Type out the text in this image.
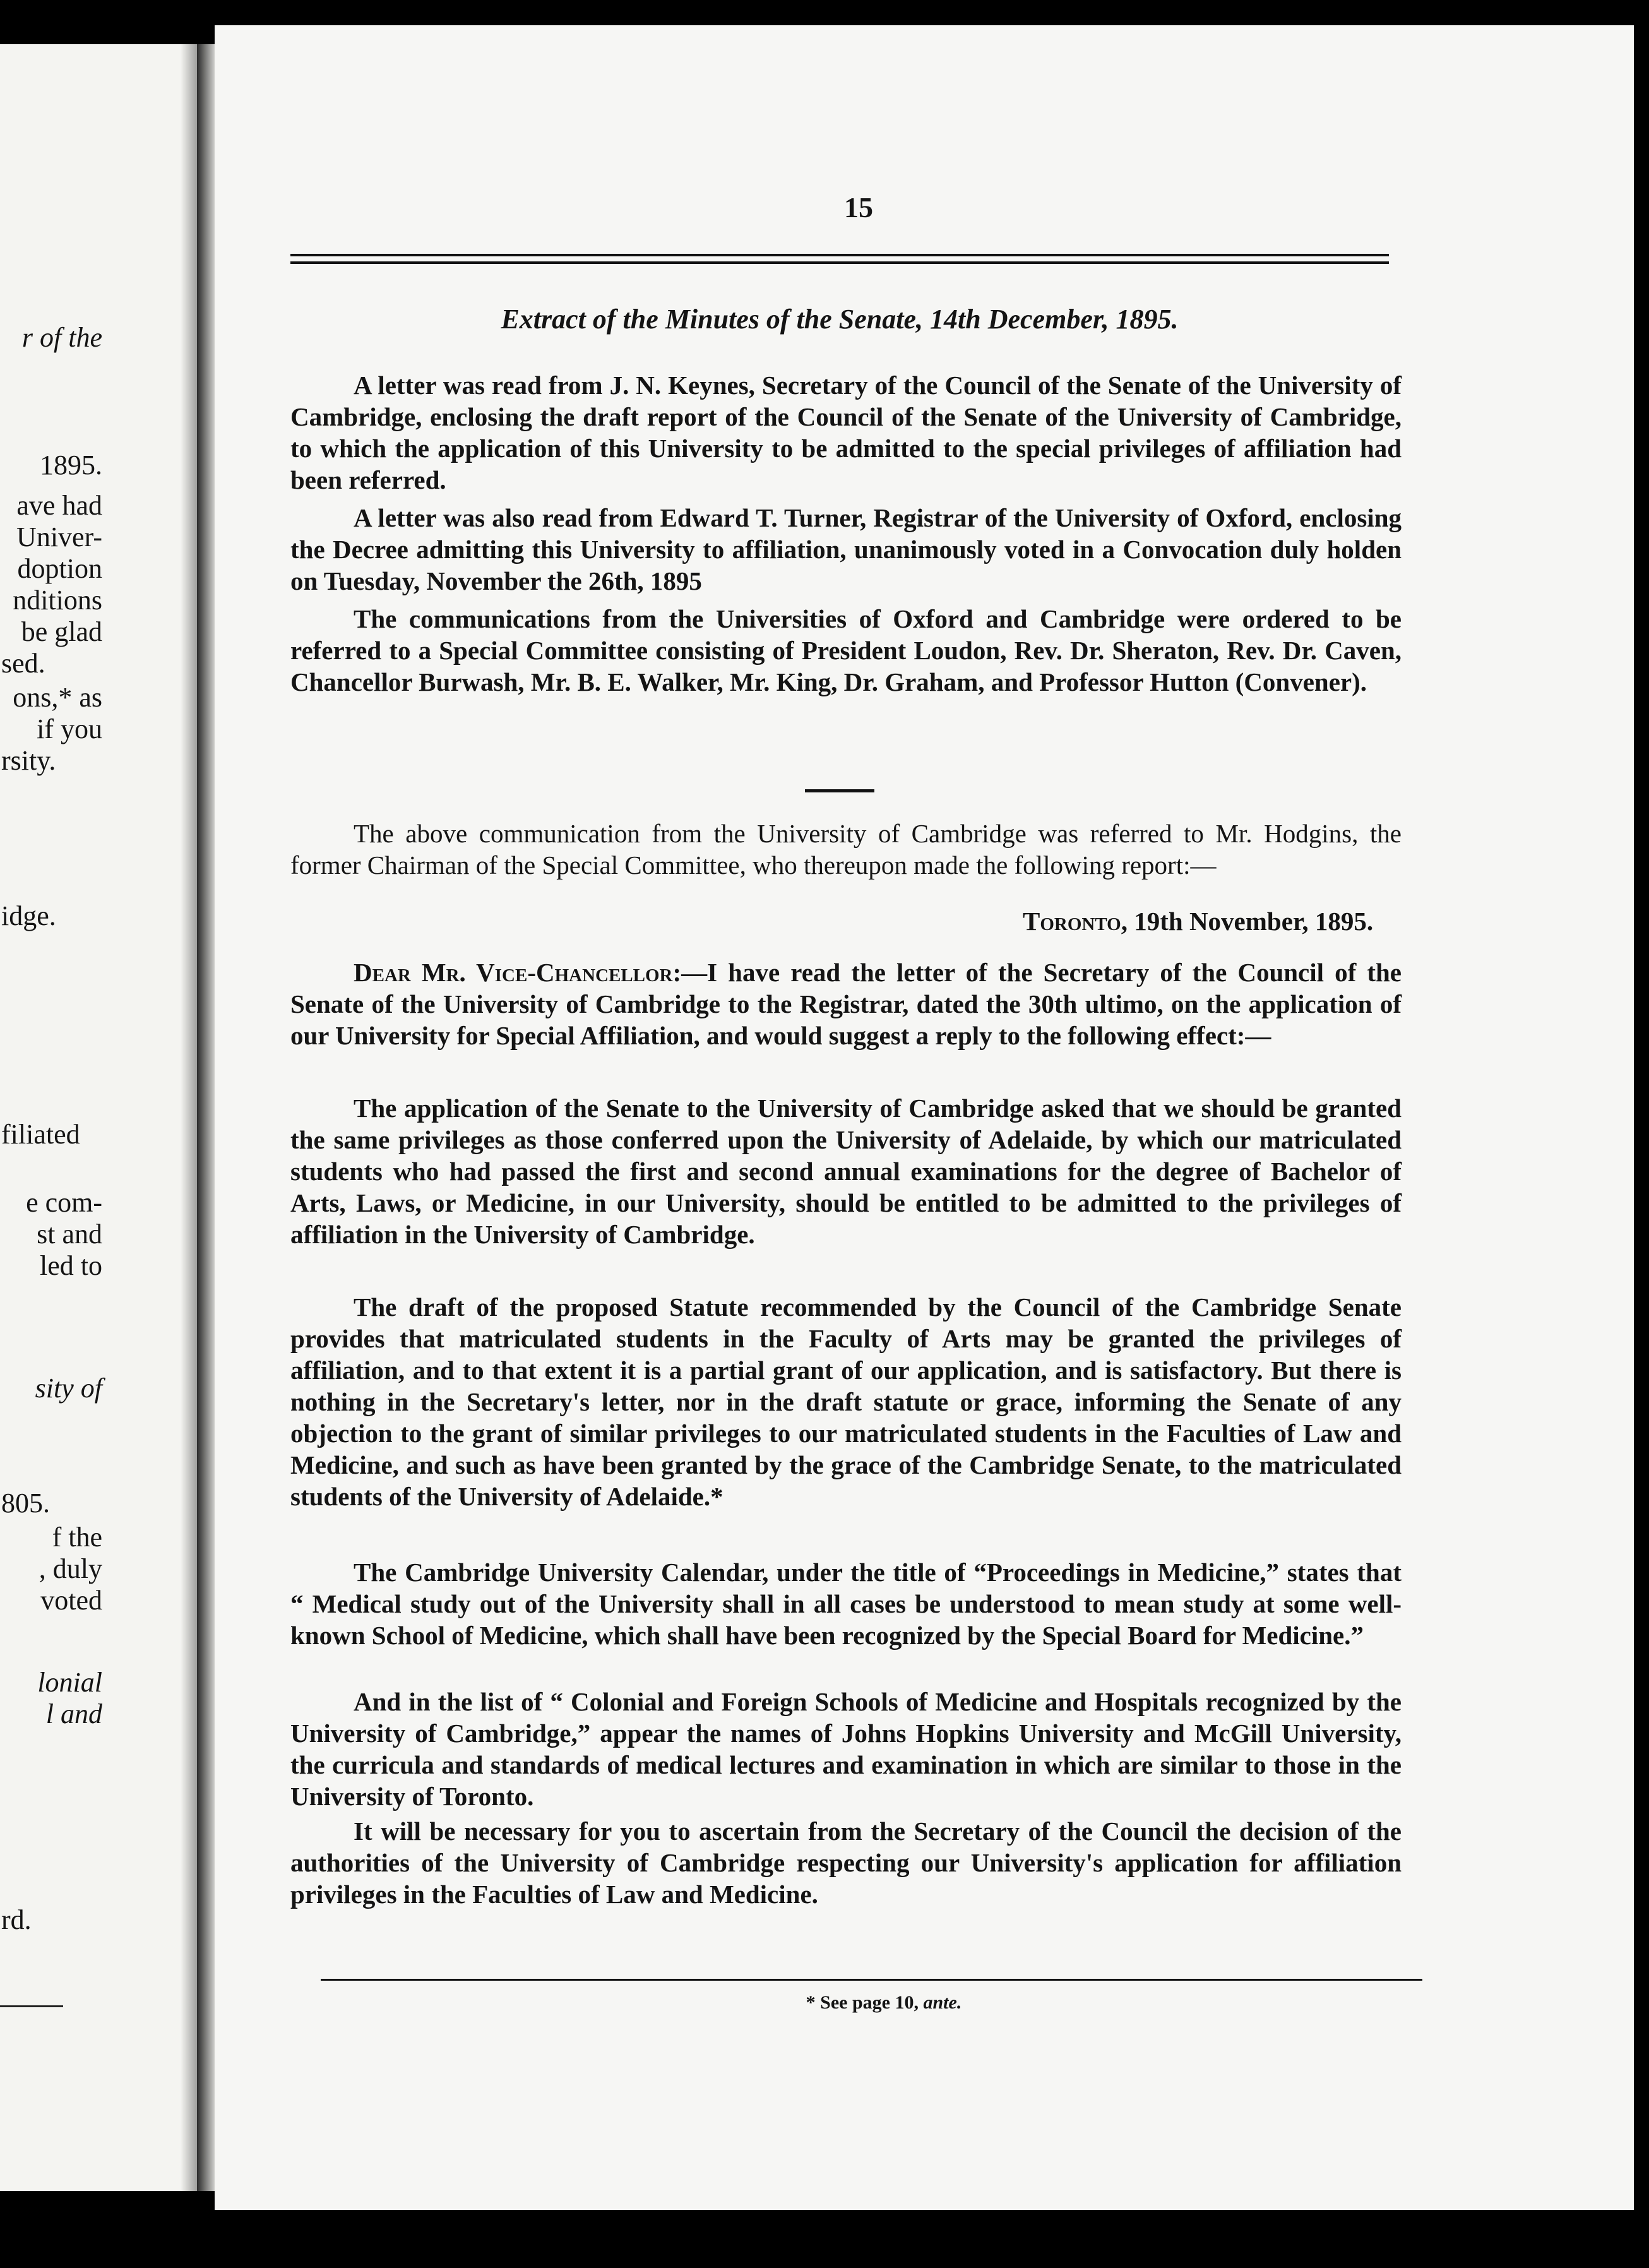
r of the
1895.
ave had
Univer-
doption
nditions
be glad
sed.
ons,* as
if you
rsity.
idge.
filiated
e com-
st and
led to
sity of
805.
f the
, duly
voted
lonial
l and
rd.
15
Extract of the Minutes of the Senate, 14th December, 1895.
A letter was read from J. N. Keynes, Secretary of the Council of the Senate of the University of Cambridge, enclosing the draft report of the Council of the Senate of the University of Cambridge, to which the application of this University to be admitted to the special privileges of affiliation had been referred.
A letter was also read from Edward T. Turner, Registrar of the University of Oxford, enclosing the Decree admitting this University to affiliation, unanimously voted in a Convocation duly holden on Tuesday, November the 26th, 1895
The communications from the Universities of Oxford and Cambridge were ordered to be referred to a Special Committee consisting of President Loudon, Rev. Dr. Sheraton, Rev. Dr. Caven, Chancellor Burwash, Mr. B. E. Walker, Mr. King, Dr. Graham, and Professor Hutton (Convener).
The above communication from the University of Cambridge was referred to Mr. Hodgins, the former Chairman of the Special Committee, who thereupon made the following report:—
Toronto, 19th November, 1895.
Dear Mr. Vice-Chancellor:—I have read the letter of the Secretary of the Council of the Senate of the University of Cambridge to the Registrar, dated the 30th ultimo, on the application of our University for Special Affiliation, and would suggest a reply to the following effect:—
The application of the Senate to the University of Cambridge asked that we should be granted the same privileges as those conferred upon the University of Adelaide, by which our matriculated students who had passed the first and second annual examinations for the degree of Bachelor of Arts, Laws, or Medicine, in our University, should be entitled to be admitted to the privileges of affiliation in the University of Cambridge.
The draft of the proposed Statute recommended by the Council of the Cambridge Senate provides that matriculated students in the Faculty of Arts may be granted the privileges of affiliation, and to that extent it is a partial grant of our application, and is satisfactory. But there is nothing in the Secretary's letter, nor in the draft statute or grace, informing the Senate of any objection to the grant of similar privileges to our matriculated students in the Faculties of Law and Medicine, and such as have been granted by the grace of the Cambridge Senate, to the matriculated students of the University of Adelaide.*
The Cambridge University Calendar, under the title of “Proceedings in Medicine,” states that “ Medical study out of the University shall in all cases be understood to mean study at some well-known School of Medicine, which shall have been recognized by the Special Board for Medicine.”
And in the list of “ Colonial and Foreign Schools of Medicine and Hospitals recognized by the University of Cambridge,” appear the names of Johns Hopkins University and McGill University, the curricula and standards of medical lectures and examination in which are similar to those in the University of Toronto.
It will be necessary for you to ascertain from the Secretary of the Council the decision of the authorities of the University of Cambridge respecting our University's application for affiliation privileges in the Faculties of Law and Medicine.
* See page 10, ante.
